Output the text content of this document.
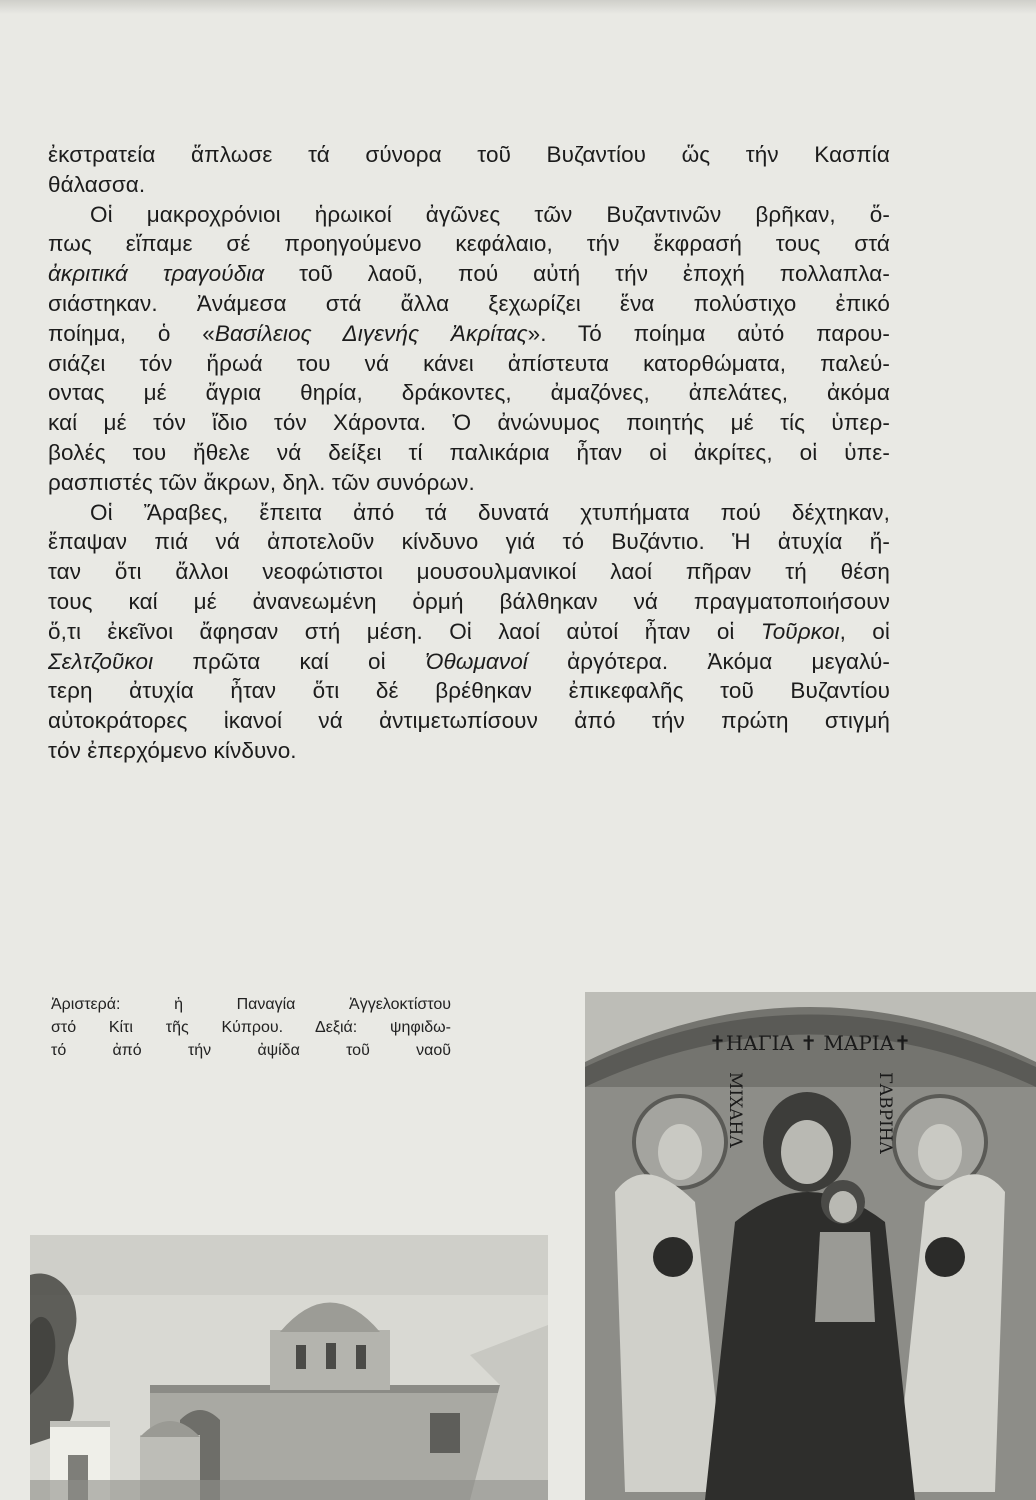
ἐκστρατεία ἅπλωσε τά σύνορα τοῦ Βυζαντίου ὥς τήν Κασπία
θάλασσα.

Οἱ μακροχρόνιοι ἡρωικοί ἀγῶνες τῶν Βυζαντινῶν βρῆκαν, ὅ-
πως εἴπαμε σέ προηγούμενο κεφάλαιο, τήν ἔκφρασή τους στά
ἀκριτικά τραγούδια τοῦ λαοῦ, πού αὐτή τήν ἐποχή πολλαπλα-
σιάστηκαν. Ἀνάμεσα στά ἄλλα ξεχωρίζει ἕνα πολύστιχο ἐπικό
ποίημα, ὁ «Βασίλειος Διγενής Ἀκρίτας». Τό ποίημα αὐτό παρου-
σιάζει τόν ἥρωά του νά κάνει ἀπίστευτα κατορθώματα, παλεύ-
οντας μέ ἄγρια θηρία, δράκοντες, ἀμαζόνες, ἀπελάτες, ἀκόμα
καί μέ τόν ἴδιο τόν Χάροντα. Ὁ ἀνώνυμος ποιητής μέ τίς ὑπερ-
βολές του ἤθελε νά δείξει τί παλικάρια ἦταν οἱ ἀκρίτες, οἱ ὑπε-
ρασπιστές τῶν ἄκρων, δηλ. τῶν συνόρων.

Οἱ Ἄραβες, ἔπειτα ἀπό τά δυνατά χτυπήματα πού δέχτηκαν,
ἔπαψαν πιά νά ἀποτελοῦν κίνδυνο γιά τό Βυζάντιο. Ἡ ἀτυχία ἤ-
ταν ὅτι ἄλλοι νεοφώτιστοι μουσουλμανικοί λαοί πῆραν τή θέση
τους καί μέ ἀνανεωμένη ὁρμή βάλθηκαν νά πραγματοποιήσουν
ὅ,τι ἐκεῖνοι ἄφησαν στή μέση. Οἱ λαοί αὐτοί ἦταν οἱ Τοῦρκοι, οἱ
Σελτζοῦκοι πρῶτα καί οἱ Ὀθωμανοί ἀργότερα. Ἀκόμα μεγαλύ-
τερη ἀτυχία ἦταν ὅτι δέ βρέθηκαν ἐπικεφαλῆς τοῦ Βυζαντίου
αὐτοκράτορες ἱκανοί νά ἀντιμετωπίσουν ἀπό τήν πρώτη στιγμή
τόν ἐπερχόμενο κίνδυνο.

Ἀριστερά: ἡ Παναγία Ἀγγελοκτίστου
στό Κίτι τῆς Κύπρου. Δεξιά: ψηφιδω-
τό ἀπό τήν ἀψίδα τοῦ ναοῦ	✝ΗΑΓΙΑ ✝ ΜΑΡΙΑ✝
ΜΙΧΑΗΛ	ΓΑΒΡΙΗΛ
